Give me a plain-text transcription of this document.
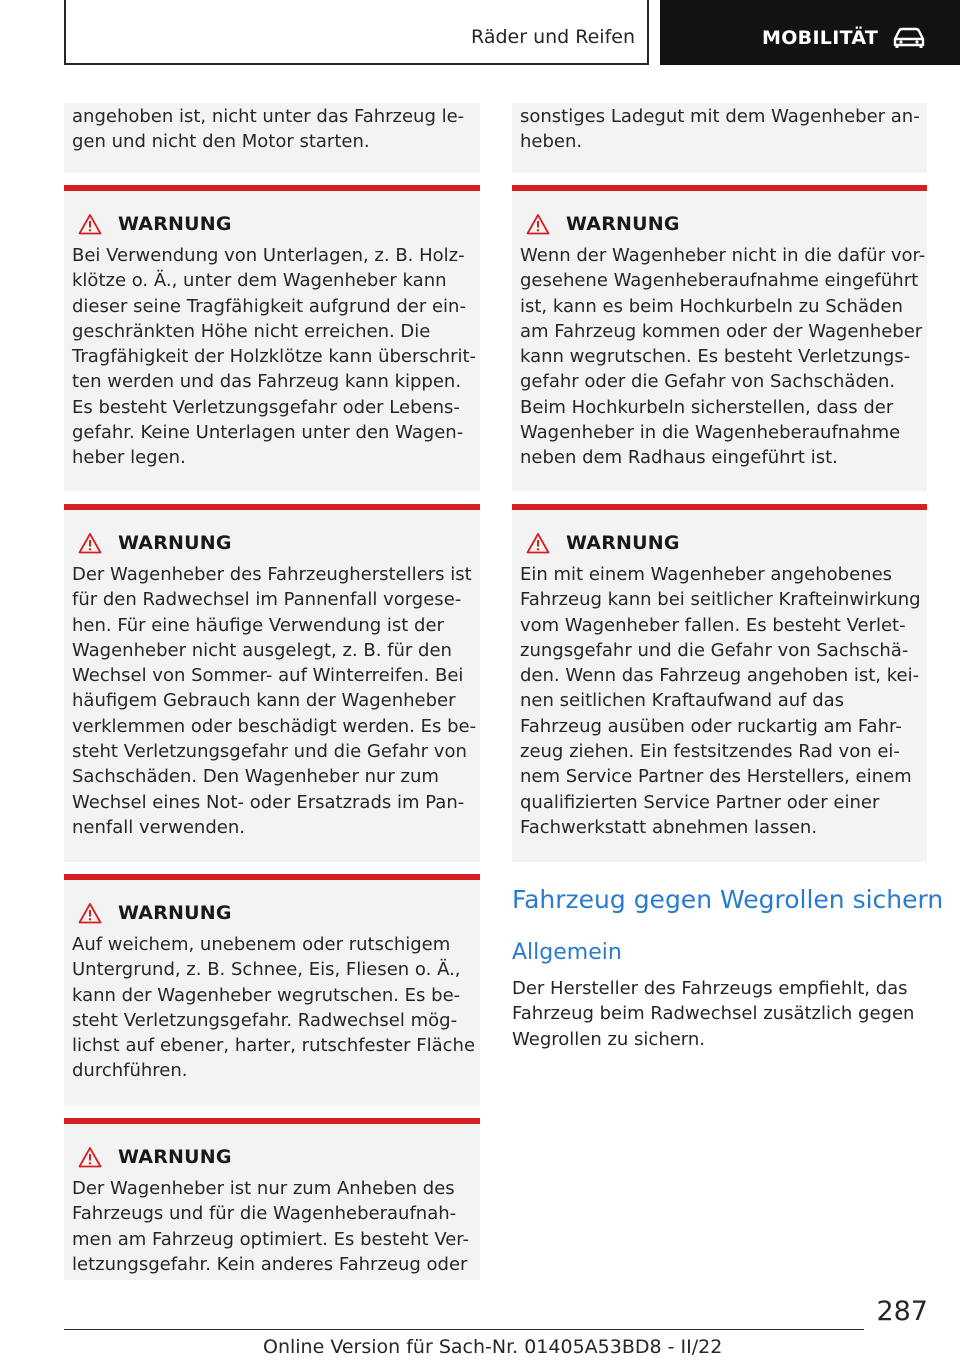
Räder und Reifen	MOBILITÄT
angehoben ist, nicht unter das Fahrzeug le-
gen und nicht den Motor starten.
WARNUNG
Bei Verwendung von Unterlagen, z. B. Holz-
klötze o. Ä., unter dem Wagenheber kann
dieser seine Tragfähigkeit aufgrund der ein-
geschränkten Höhe nicht erreichen. Die
Tragfähigkeit der Holzklötze kann überschrit-
ten werden und das Fahrzeug kann kippen.
Es besteht Verletzungsgefahr oder Lebens-
gefahr. Keine Unterlagen unter den Wagen-
heber legen.
WARNUNG
Der Wagenheber des Fahrzeugherstellers ist
für den Radwechsel im Pannenfall vorgese-
hen. Für eine häufige Verwendung ist der
Wagenheber nicht ausgelegt, z. B. für den
Wechsel von Sommer- auf Winterreifen. Bei
häufigem Gebrauch kann der Wagenheber
verklemmen oder beschädigt werden. Es be-
steht Verletzungsgefahr und die Gefahr von
Sachschäden. Den Wagenheber nur zum
Wechsel eines Not- oder Ersatzrads im Pan-
nenfall verwenden.
WARNUNG
Auf weichem, unebenem oder rutschigem
Untergrund, z. B. Schnee, Eis, Fliesen o. Ä.,
kann der Wagenheber wegrutschen. Es be-
steht Verletzungsgefahr. Radwechsel mög-
lichst auf ebener, harter, rutschfester Fläche
durchführen.
WARNUNG
Der Wagenheber ist nur zum Anheben des
Fahrzeugs und für die Wagenheberaufnah-
men am Fahrzeug optimiert. Es besteht Ver-
letzungsgefahr. Kein anderes Fahrzeug oder
sonstiges Ladegut mit dem Wagenheber an-
heben.
WARNUNG
Wenn der Wagenheber nicht in die dafür vor-
gesehene Wagenheberaufnahme eingeführt
ist, kann es beim Hochkurbeln zu Schäden
am Fahrzeug kommen oder der Wagenheber
kann wegrutschen. Es besteht Verletzungs-
gefahr oder die Gefahr von Sachschäden.
Beim Hochkurbeln sicherstellen, dass der
Wagenheber in die Wagenheberaufnahme
neben dem Radhaus eingeführt ist.
WARNUNG
Ein mit einem Wagenheber angehobenes
Fahrzeug kann bei seitlicher Krafteinwirkung
vom Wagenheber fallen. Es besteht Verlet-
zungsgefahr und die Gefahr von Sachschä-
den. Wenn das Fahrzeug angehoben ist, kei-
nen seitlichen Kraftaufwand auf das
Fahrzeug ausüben oder ruckartig am Fahr-
zeug ziehen. Ein festsitzendes Rad von ei-
nem Service Partner des Herstellers, einem
qualifizierten Service Partner oder einer
Fachwerkstatt abnehmen lassen.
Fahrzeug gegen Wegrollen sichern
Allgemein
Der Hersteller des Fahrzeugs empfiehlt, das
Fahrzeug beim Radwechsel zusätzlich gegen
Wegrollen zu sichern.
287
Online Version für Sach-Nr. 01405A53BD8 - II/22
